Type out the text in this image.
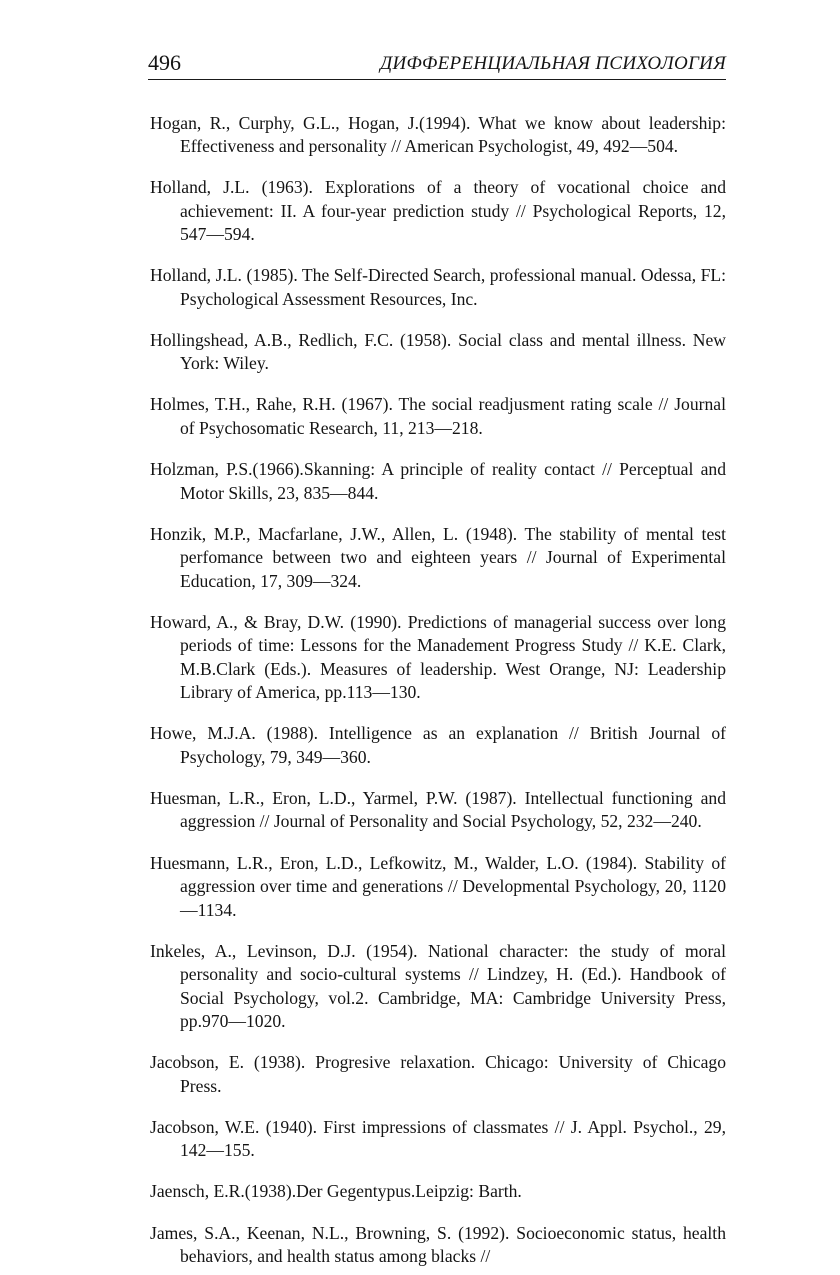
496	ДИФФЕРЕНЦИАЛЬНАЯ ПСИХОЛОГИЯ

Hogan, R., Curphy, G.L., Hogan, J.(1994). What we know about leadership: Effectiveness and personality // American Psychologist, 49, 492—504.

Holland, J.L. (1963). Explorations of a theory of vocational choice and achievement: II. A four-year prediction study // Psychological Reports, 12, 547—594.

Holland, J.L. (1985). The Self-Directed Search, professional manual. Odessa, FL: Psychological Assessment Resources, Inc.

Hollingshead, A.B., Redlich, F.C. (1958). Social class and mental illness. New York: Wiley.

Holmes, T.H., Rahe, R.H. (1967). The social readjusment rating scale // Journal of Psychosomatic Research, 11, 213—218.

Holzman, P.S.(1966).Skanning: A principle of reality contact // Perceptual and Motor Skills, 23, 835—844.

Honzik, M.P., Macfarlane, J.W., Allen, L. (1948). The stability of mental test perfomance between two and eighteen years // Journal of Experimental Education, 17, 309—324.

Howard, A., & Bray, D.W. (1990). Predictions of managerial success over long periods of time: Lessons for the Manadement Progress Study // K.E. Clark, M.B.Clark (Eds.). Measures of leadership. West Orange, NJ: Leadership Library of America, pp.113—130.

Howe, M.J.A. (1988). Intelligence as an explanation // British Journal of Psychology, 79, 349—360.

Huesman, L.R., Eron, L.D., Yarmel, P.W. (1987). Intellectual functioning and aggression // Journal of Personality and Social Psychology, 52, 232—240.

Huesmann, L.R., Eron, L.D., Lefkowitz, M., Walder, L.O. (1984). Stability of aggression over time and generations // Developmental Psychology, 20, 1120—1134.

Inkeles, A., Levinson, D.J. (1954). National character: the study of moral personality and socio-cultural systems // Lindzey, H. (Ed.). Handbook of Social Psychology, vol.2. Cambridge, MA: Cambridge University Press, pp.970—1020.

Jacobson, E. (1938). Progresive relaxation. Chicago: University of Chicago Press.

Jacobson, W.E. (1940). First impressions of classmates // J. Appl. Psychol., 29, 142—155.

Jaensch, E.R.(1938).Der Gegentypus.Leipzig: Barth.

James, S.A., Keenan, N.L., Browning, S. (1992). Socioeconomic status, health behaviors, and health status among blacks //
